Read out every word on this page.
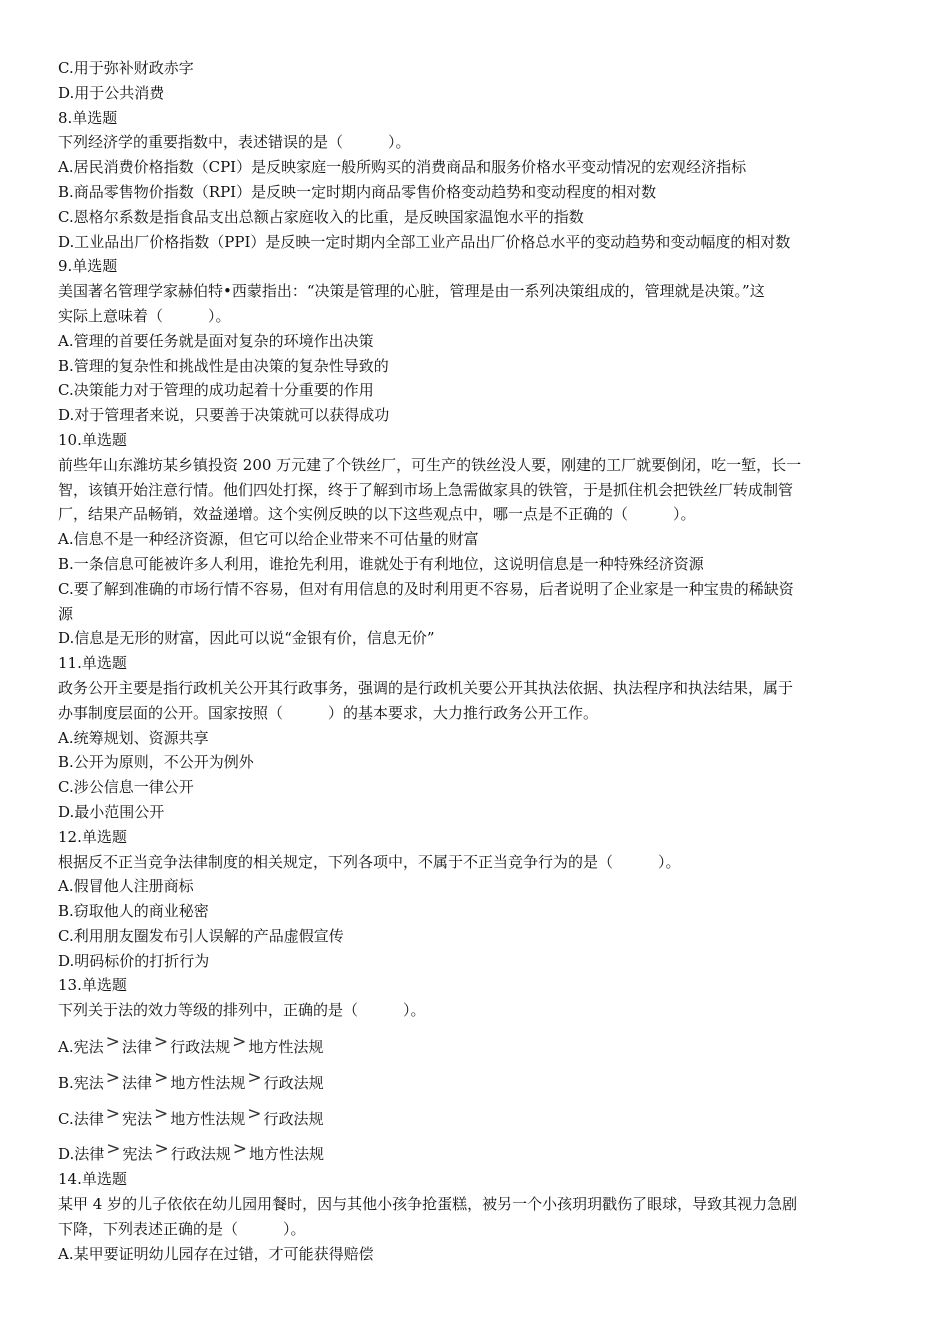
C.用于弥补财政赤字
D.用于公共消费
8.单选题
下列经济学的重要指数中，表述错误的是（　　　）。
A.居民消费价格指数（CPI）是反映家庭一般所购买的消费商品和服务价格水平变动情况的宏观经济指标
B.商品零售物价指数（RPI）是反映一定时期内商品零售价格变动趋势和变动程度的相对数
C.恩格尔系数是指食品支出总额占家庭收入的比重，是反映国家温饱水平的指数
D.工业品出厂价格指数（PPI）是反映一定时期内全部工业产品出厂价格总水平的变动趋势和变动幅度的相对数
9.单选题
美国著名管理学家赫伯特•西蒙指出：“决策是管理的心脏，管理是由一系列决策组成的，管理就是决策。”这
实际上意味着（　　　）。
A.管理的首要任务就是面对复杂的环境作出决策
B.管理的复杂性和挑战性是由决策的复杂性导致的
C.决策能力对于管理的成功起着十分重要的作用
D.对于管理者来说，只要善于决策就可以获得成功
10.单选题
前些年山东潍坊某乡镇投资 200 万元建了个铁丝厂，可生产的铁丝没人要，刚建的工厂就要倒闭，吃一堑，长一
智，该镇开始注意行情。他们四处打探，终于了解到市场上急需做家具的铁管，于是抓住机会把铁丝厂转成制管
厂，结果产品畅销，效益递增。这个实例反映的以下这些观点中，哪一点是不正确的（　　　）。
A.信息不是一种经济资源，但它可以给企业带来不可估量的财富
B.一条信息可能被许多人利用，谁抢先利用，谁就处于有利地位，这说明信息是一种特殊经济资源
C.要了解到准确的市场行情不容易，但对有用信息的及时利用更不容易，后者说明了企业家是一种宝贵的稀缺资
源
D.信息是无形的财富，因此可以说“金银有价，信息无价”
11.单选题
政务公开主要是指行政机关公开其行政事务，强调的是行政机关要公开其执法依据、执法程序和执法结果，属于
办事制度层面的公开。国家按照（　　　）的基本要求，大力推行政务公开工作。
A.统筹规划、资源共享
B.公开为原则，不公开为例外
C.涉公信息一律公开
D.最小范围公开
12.单选题
根据反不正当竞争法律制度的相关规定，下列各项中，不属于不正当竞争行为的是（　　　）。
A.假冒他人注册商标
B.窃取他人的商业秘密
C.利用朋友圈发布引人误解的产品虚假宣传
D.明码标价的打折行为
13.单选题
下列关于法的效力等级的排列中，正确的是（　　　）。
A.宪法 > 法律 > 行政法规 > 地方性法规
B.宪法 > 法律 > 地方性法规 > 行政法规
C.法律 > 宪法 > 地方性法规 > 行政法规
D.法律 > 宪法 > 行政法规 > 地方性法规
14.单选题
某甲 4 岁的儿子依依在幼儿园用餐时，因与其他小孩争抢蛋糕，被另一个小孩玥玥戳伤了眼球，导致其视力急剧
下降，下列表述正确的是（　　　）。
A.某甲要证明幼儿园存在过错，才可能获得赔偿
